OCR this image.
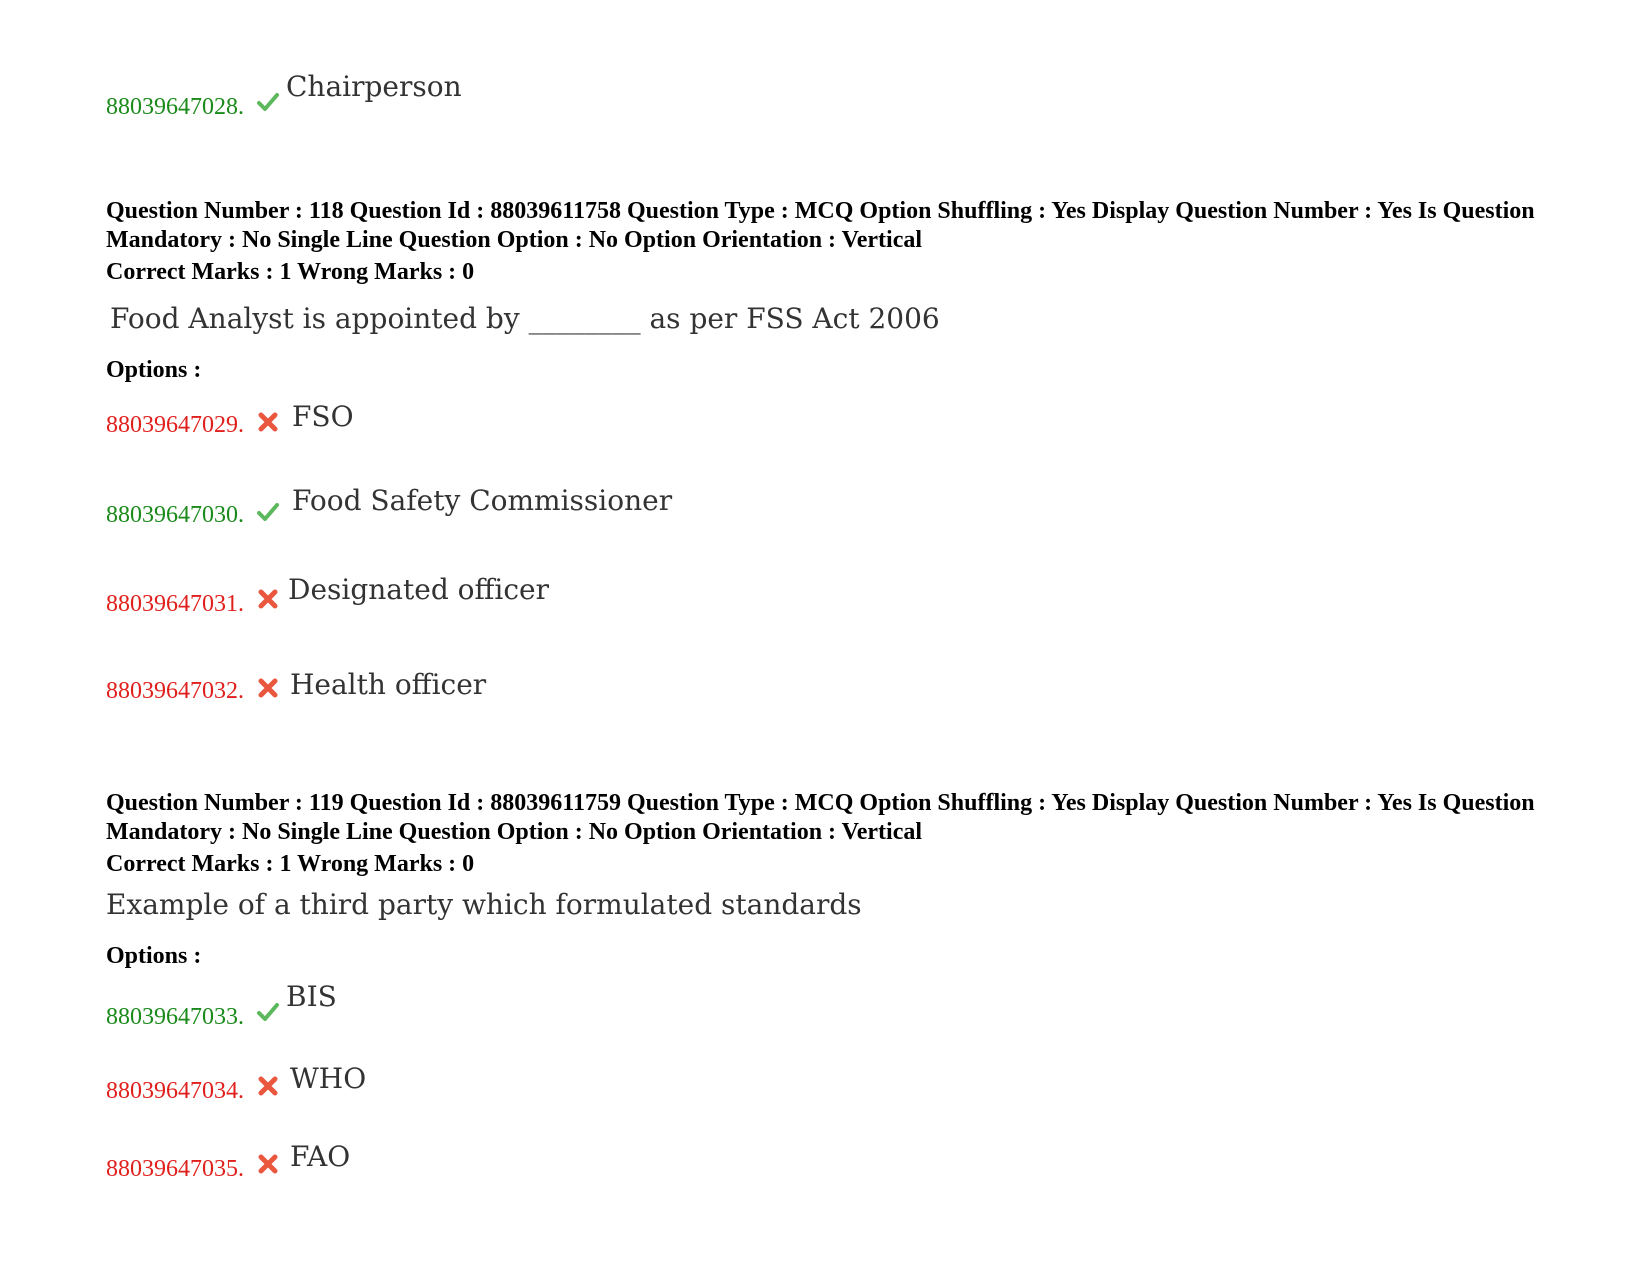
88039647028.
Chairperson
Question Number : 118 Question Id : 88039611758 Question Type : MCQ Option Shuffling : Yes Display Question Number : Yes Is Question Mandatory : No Single Line Question Option : No Option Orientation : Vertical
Correct Marks : 1 Wrong Marks : 0
Food Analyst is appointed by ________ as per FSS Act 2006
Options :
88039647029. FSO
88039647030. Food Safety Commissioner
88039647031. Designated officer
88039647032. Health officer
Question Number : 119 Question Id : 88039611759 Question Type : MCQ Option Shuffling : Yes Display Question Number : Yes Is Question Mandatory : No Single Line Question Option : No Option Orientation : Vertical
Correct Marks : 1 Wrong Marks : 0
Example of a third party which formulated standards
Options :
88039647033.
BIS
88039647034. WHO
88039647035. FAO
